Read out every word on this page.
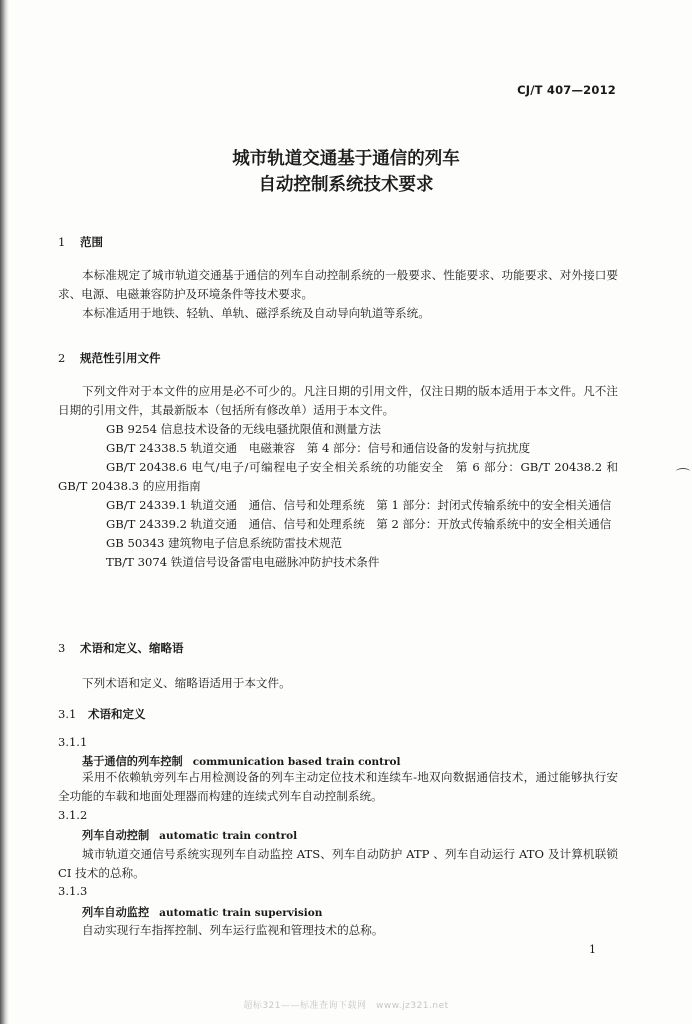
CJ/T 407—2012
城市轨道交通基于通信的列车
自动控制系统技术要求
1 范围

本标准规定了城市轨道交通基于通信的列车自动控制系统的一般要求、性能要求、功能要求、对外接口要求、电源、电磁兼容防护及环境条件等技术要求。

本标准适用于地铁、轻轨、单轨、磁浮系统及自动导向轨道等系统。

2 规范性引用文件

下列文件对于本文件的应用是必不可少的。凡注日期的引用文件，仅注日期的版本适用于本文件。凡不注日期的引用文件，其最新版本（包括所有修改单）适用于本文件。

GB 9254 信息技术设备的无线电骚扰限值和测量方法

GB/T 24338.5 轨道交通　电磁兼容　第 4 部分：信号和通信设备的发射与抗扰度

GB/T 20438.6 电气/电子/可编程电子安全相关系统的功能安全　第 6 部分：GB/T 20438.2 和 GB/T 20438.3 的应用指南

GB/T 24339.1 轨道交通　通信、信号和处理系统　第 1 部分：封闭式传输系统中的安全相关通信

GB/T 24339.2 轨道交通　通信、信号和处理系统　第 2 部分：开放式传输系统中的安全相关通信

GB 50343 建筑物电子信息系统防雷技术规范

TB/T 3074 铁道信号设备雷电电磁脉冲防护技术条件

3 术语和定义、缩略语

下列术语和定义、缩略语适用于本文件。

3.1 术语和定义
3.1.1
基于通信的列车控制 communication based train control

采用不依赖轨旁列车占用检测设备的列车主动定位技术和连续车-地双向数据通信技术，通过能够执行安全功能的车载和地面处理器而构建的连续式列车自动控制系统。

3.1.2
列车自动控制 automatic train control

城市轨道交通信号系统实现列车自动监控 ATS、列车自动防护 ATP 、列车自动运行 ATO 及计算机联锁 CI 技术的总称。

3.1.3
列车自动监控 automatic train supervision

自动实现行车指挥控制、列车运行监视和管理技术的总称。

1
超标321——标准查询下载网　www.jz321.net
